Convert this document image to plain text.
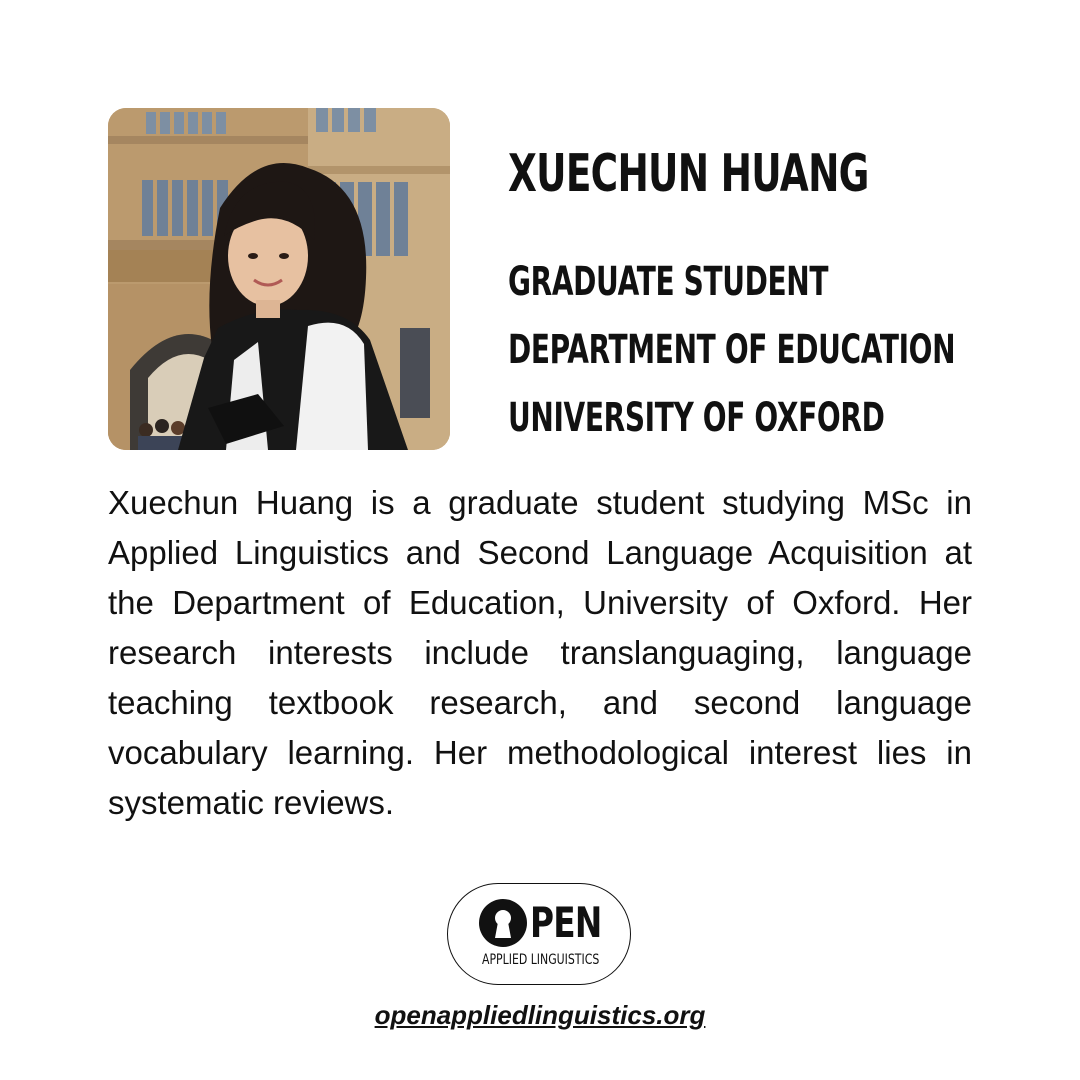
XUECHUN HUANG
GRADUATE STUDENT
DEPARTMENT OF EDUCATION
UNIVERSITY OF OXFORD

Xuechun Huang is a graduate student studying MSc in Applied Linguistics and Second Language Acquisition at the Department of Education, University of Oxford. Her research interests include translanguaging, language teaching textbook research, and second language vocabulary learning. Her methodological interest lies in systematic reviews.

PEN
APPLIED LINGUISTICS
openappliedlinguistics.org
